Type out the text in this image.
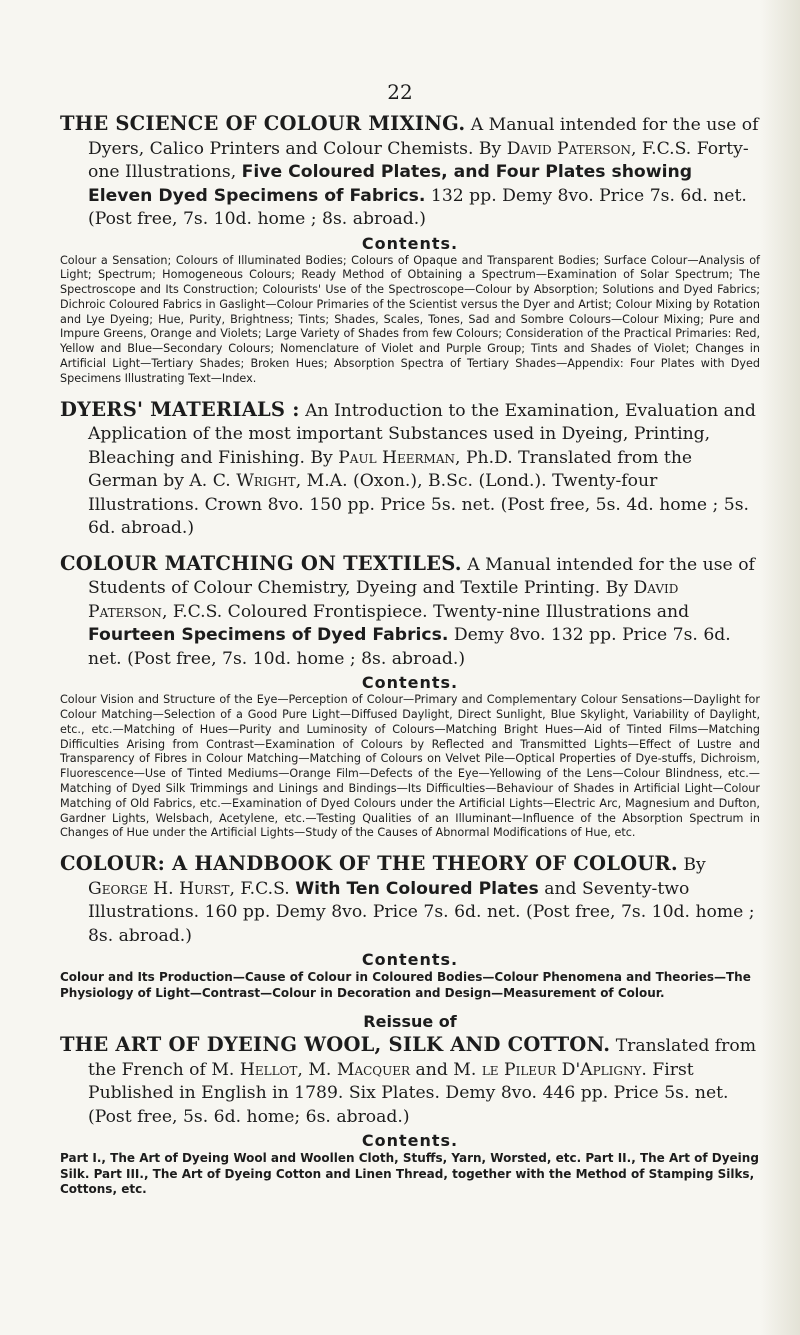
22

THE SCIENCE OF COLOUR MIXING. A Manual intended for the use of Dyers, Calico Printers and Colour Chemists. By David Paterson, F.C.S. Forty-one Illustrations, Five Coloured Plates, and Four Plates showing Eleven Dyed Specimens of Fabrics. 132 pp. Demy 8vo. Price 7s. 6d. net. (Post free, 7s. 10d. home ; 8s. abroad.)

Contents.

Colour a Sensation; Colours of Illuminated Bodies; Colours of Opaque and Transparent Bodies; Surface Colour—Analysis of Light; Spectrum; Homogeneous Colours; Ready Method of Obtaining a Spectrum—Examination of Solar Spectrum; The Spectroscope and Its Construction; Colourists' Use of the Spectroscope—Colour by Absorption; Solutions and Dyed Fabrics; Dichroic Coloured Fabrics in Gaslight—Colour Primaries of the Scientist versus the Dyer and Artist; Colour Mixing by Rotation and Lye Dyeing; Hue, Purity, Brightness; Tints; Shades, Scales, Tones, Sad and Sombre Colours—Colour Mixing; Pure and Impure Greens, Orange and Violets; Large Variety of Shades from few Colours; Consideration of the Practical Primaries: Red, Yellow and Blue—Secondary Colours; Nomenclature of Violet and Purple Group; Tints and Shades of Violet; Changes in Artificial Light—Tertiary Shades; Broken Hues; Absorption Spectra of Tertiary Shades—Appendix: Four Plates with Dyed Specimens Illustrating Text—Index.

DYERS' MATERIALS : An Introduction to the Examination, Evaluation and Application of the most important Substances used in Dyeing, Printing, Bleaching and Finishing. By Paul Heerman, Ph.D. Translated from the German by A. C. Wright, M.A. (Oxon.), B.Sc. (Lond.). Twenty-four Illustrations. Crown 8vo. 150 pp. Price 5s. net. (Post free, 5s. 4d. home ; 5s. 6d. abroad.)

COLOUR MATCHING ON TEXTILES. A Manual intended for the use of Students of Colour Chemistry, Dyeing and Textile Printing. By David Paterson, F.C.S. Coloured Frontispiece. Twenty-nine Illustrations and Fourteen Specimens of Dyed Fabrics. Demy 8vo. 132 pp. Price 7s. 6d. net. (Post free, 7s. 10d. home ; 8s. abroad.)

Contents.

Colour Vision and Structure of the Eye—Perception of Colour—Primary and Complementary Colour Sensations—Daylight for Colour Matching—Selection of a Good Pure Light—Diffused Daylight, Direct Sunlight, Blue Skylight, Variability of Daylight, etc., etc.—Matching of Hues—Purity and Luminosity of Colours—Matching Bright Hues—Aid of Tinted Films—Matching Difficulties Arising from Contrast—Examination of Colours by Reflected and Transmitted Lights—Effect of Lustre and Transparency of Fibres in Colour Matching—Matching of Colours on Velvet Pile—Optical Properties of Dye-stuffs, Dichroism, Fluorescence—Use of Tinted Mediums—Orange Film—Defects of the Eye—Yellowing of the Lens—Colour Blindness, etc.—Matching of Dyed Silk Trimmings and Linings and Bindings—Its Difficulties—Behaviour of Shades in Artificial Light—Colour Matching of Old Fabrics, etc.—Examination of Dyed Colours under the Artificial Lights—Electric Arc, Magnesium and Dufton, Gardner Lights, Welsbach, Acetylene, etc.—Testing Qualities of an Illuminant—Influence of the Absorption Spectrum in Changes of Hue under the Artificial Lights—Study of the Causes of Abnormal Modifications of Hue, etc.

COLOUR: A HANDBOOK OF THE THEORY OF COLOUR. By George H. Hurst, F.C.S. With Ten Coloured Plates and Seventy-two Illustrations. 160 pp. Demy 8vo. Price 7s. 6d. net. (Post free, 7s. 10d. home ; 8s. abroad.)

Contents.

Colour and Its Production—Cause of Colour in Coloured Bodies—Colour Phenomena and Theories—The Physiology of Light—Contrast—Colour in Decoration and Design—Measurement of Colour.

Reissue of

THE ART OF DYEING WOOL, SILK AND COTTON. Translated from the French of M. Hellot, M. Macquer and M. le Pileur D'Apligny. First Published in English in 1789. Six Plates. Demy 8vo. 446 pp. Price 5s. net. (Post free, 5s. 6d. home; 6s. abroad.)

Contents.

Part I., The Art of Dyeing Wool and Woollen Cloth, Stuffs, Yarn, Worsted, etc. Part II., The Art of Dyeing Silk. Part III., The Art of Dyeing Cotton and Linen Thread, together with the Method of Stamping Silks, Cottons, etc.
